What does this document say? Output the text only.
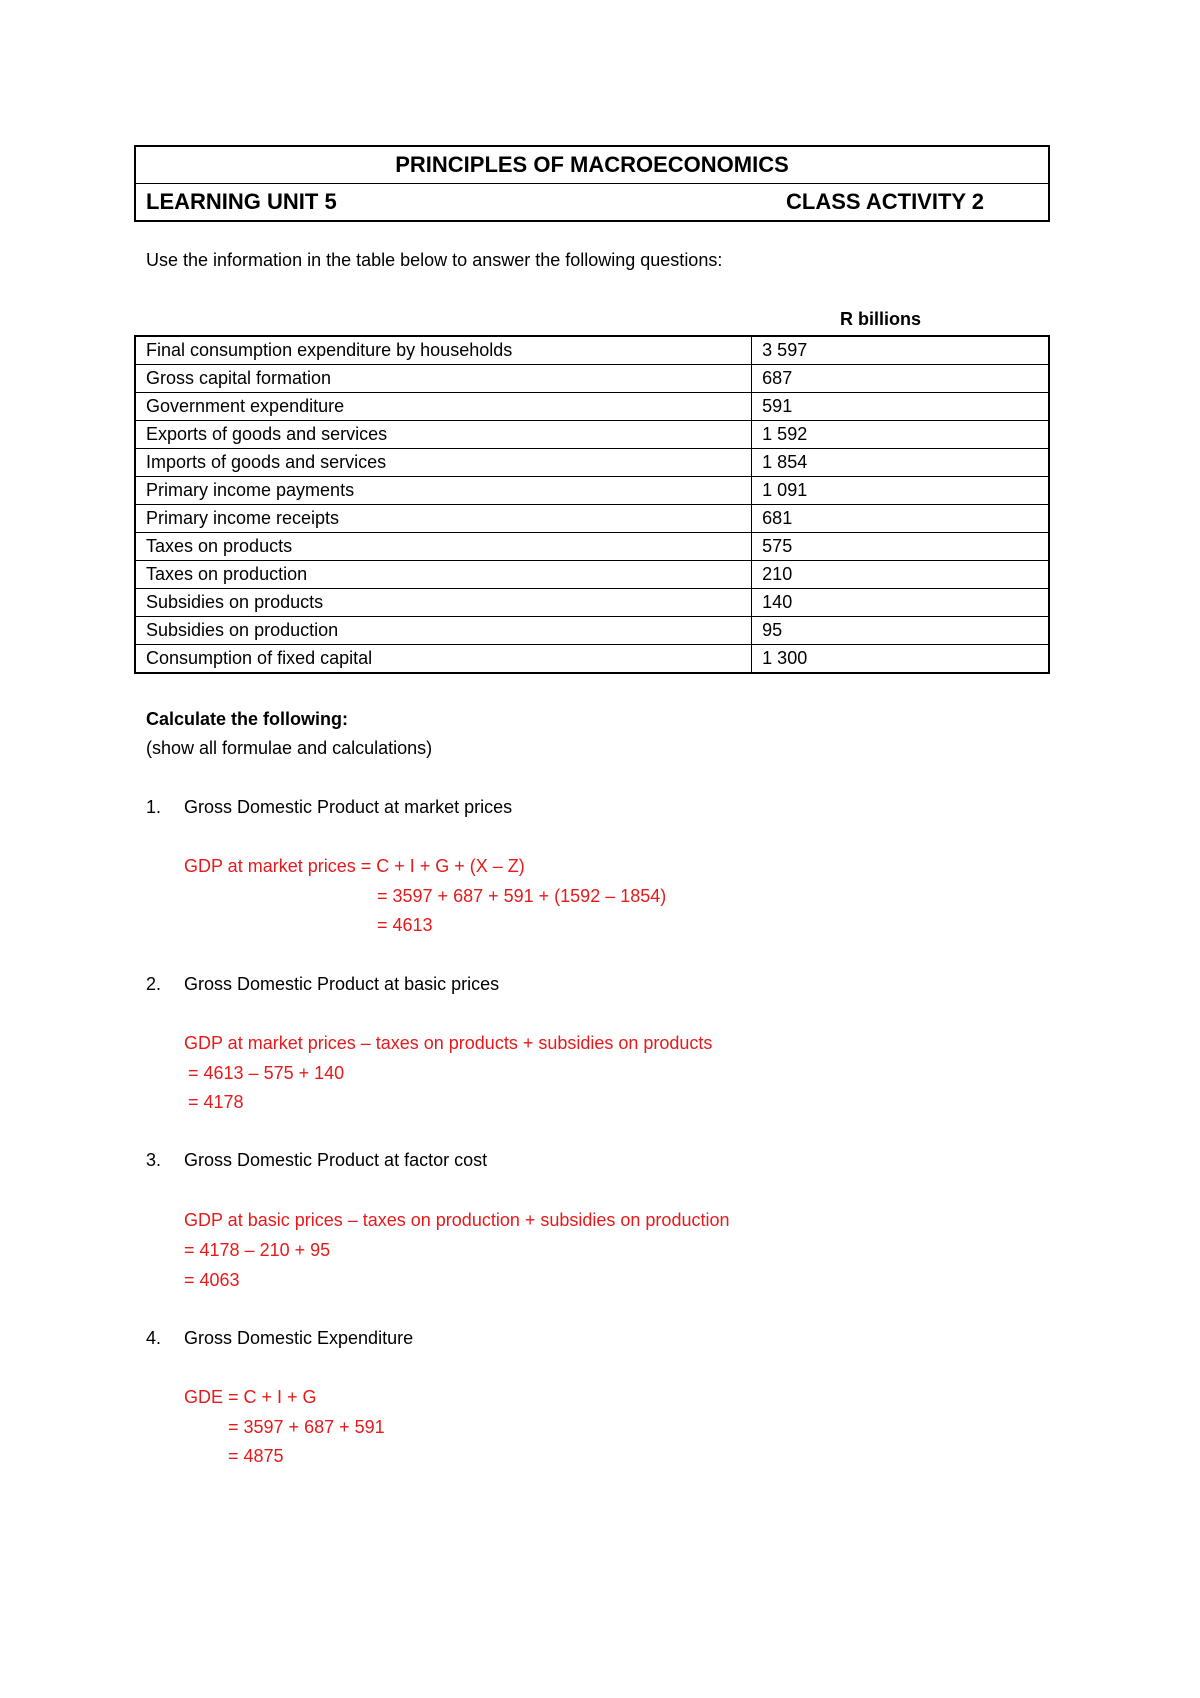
PRINCIPLES OF MACROECONOMICS
LEARNING UNIT 5	CLASS ACTIVITY 2
Use the information in the table below to answer the following questions:
R billions
Final consumption expenditure by households	3 597
Gross capital formation	687
Government expenditure	591
Exports of goods and services	1 592
Imports of goods and services	1 854
Primary income payments	1 091
Primary income receipts	681
Taxes on products	575
Taxes on production	210
Subsidies on products	140
Subsidies on production	95
Consumption of fixed capital	1 300
Calculate the following:
(show all formulae and calculations)
1. Gross Domestic Product at market prices
GDP at market prices = C + I + G + (X – Z)
= 3597 + 687 + 591 + (1592 – 1854)
= 4613
2. Gross Domestic Product at basic prices
GDP at market prices – taxes on products + subsidies on products
= 4613 – 575 + 140
= 4178
3. Gross Domestic Product at factor cost
GDP at basic prices – taxes on production + subsidies on production
= 4178 – 210 + 95
= 4063
4. Gross Domestic Expenditure
GDE = C + I + G
= 3597 + 687 + 591
= 4875
